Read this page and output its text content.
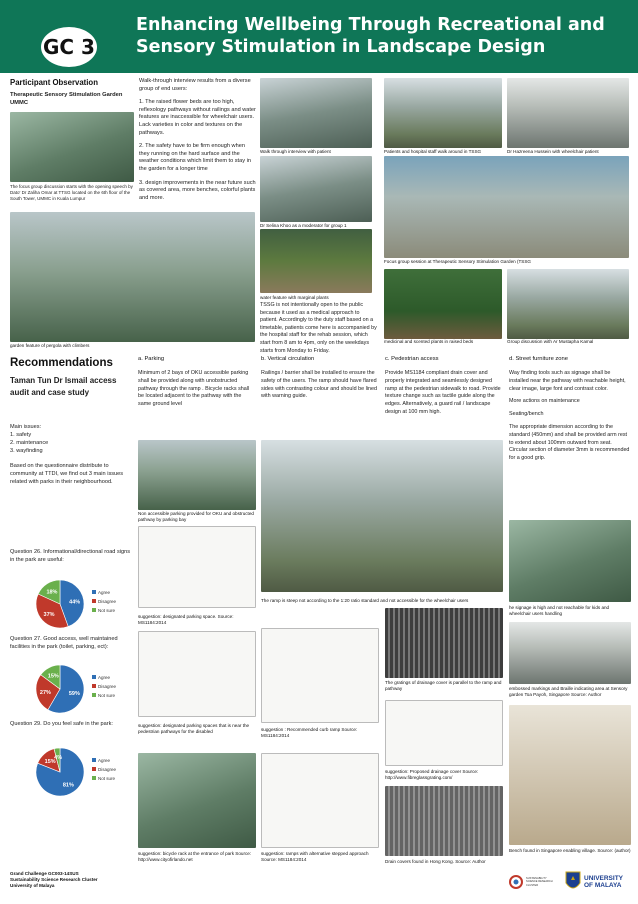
GC 3
Enhancing Wellbeing Through Recreational and
Sensory Stimulation in Landscape Design
Participant Observation
Therapeutic Sensory Stimulation Garden UMMC
The focus group discussion starts with the opening speech by Dato' Dr Zaliha Omar at TTSG located on the 6th floor of the South Tower, UMMC in Kuala Lumpur
garden feature of pergola with climbers

Walk-through interview results from a diverse group of end users:

1. The raised flower beds are too high, reflexology pathways without railings and water features are inaccessible for wheelchair users. Lack varieties in color and textures on the pathways.

2. The safety have to be firm enough when they running on the hard surface and the weather conditions which limit them to stay in the garden for a longer time

3. design improvements in the near future such as covered area, more benches, colorful plants and more.

Walk through interview with patient	Patients and hospital staff walk around in TSSG	Dr Hazreena Hussein with wheelchair patient
Dr Selina Khoo as a moderator for group 1
Focus group session at Therapeutic Sensory Stimulation Garden (TSSG
water feature with marginal plants
TSSG is not intentionally open to the public because it used as a medical approach to patient. Accordingly to the duty staff based on a timetable, patients come here is accompanied by the hospital staff for the rehab session, which start from 8 am to 4pm, only on the weekdays starts from Monday to Friday.
medicinal and scented plants in raised beds	Group discussion with Ar Mustapha Kamal
Recommendations
Taman Tun Dr Ismail access audit and case study
Main issues:
1. safety
2. maintenance
3. wayfinding

Based on the questionnaire distribute to community at TTDI, we find out 3 main issues related with parks in their neighbourhood.

Question 26. Informational/directional road signs in the park are useful:
44%
37%
18%	Agree
Disagree
Not sure
Question 27. Good access, well maintained facilities in the park (toilet, parking, ect):
59%
27%
15%	Agree
Disagree
Not sure
Question 29. Do you feel safe in the park:
81%
15%
4%	Agree
Disagree
Not sure
a. Parking
Minimum of 2 bays of OKU accessible parking shall be provided along with unobstructed pathway through the ramp . Bicycle racks shall be located adjacent to the pathway with the same ground level
Non accessible parking provided for OKU and obstructed pathway by parking bay
suggestion: designated parking space. Source: MS1184:2014
suggestion: designated parking spaces that is near the pedestrian pathways for the disabled
suggestion: bicycle rack at the entrance of park Source: http://www.cityofirlando.net
b. Vertical circulation
Railings / barrier shall be installed to ensure the safety of the users. The ramp should have flared sides with contrasting colour and should be lined with warning guide.
The ramp is steep not according to the 1:20 ratio standard and not accessible for the wheelchair users
suggestion : Recommended curb ramp Source: MS1184:2014
suggestion: ramps with alternative stepped approach Source: MS1184:2014
c. Pedestrian access
Provide MS1184 compliant drain cover and properly integrated and seamlessly designed ramp at the pedestrian sidewalk to road. Provide texture change such as tactile guide along the edges. Alternatively, a guard rail / landscape design at 100 mm high.
The gratings of drainage cover is parallel to the ramp and pathway
suggestion: Proposed drainage cover Source: http://www.fibreglassgrating.com/
Drain covers found in Hong Kong. Source: Author
d. Street furniture zone

Way finding tools such as signage shall be installed near the pathway with reachable height, clear image, large font and contrast color.

More actions on maintenance

Seating/bench

The appropriate dimension according to the standard (450mm) and shall be provided arm rest to extend about 100mm outward from seat. Circular section of diameter 3mm is recommended for a good grip.

he signage is high and not reachable for kids and wheelchair users handling
embossed markings and Braille indicating area at Sensory garden Toa Payoh, Singapore Source: Author
Bench found in Singapore enabling village. Source: (author)
Grand Challenge GC003-14SUS
Sustainability Science Research Cluster
University of Malaya
SUSTAINABILITY SCIENCE RESEARCH CLUSTER
UNIVERSITY OF MALAYA
